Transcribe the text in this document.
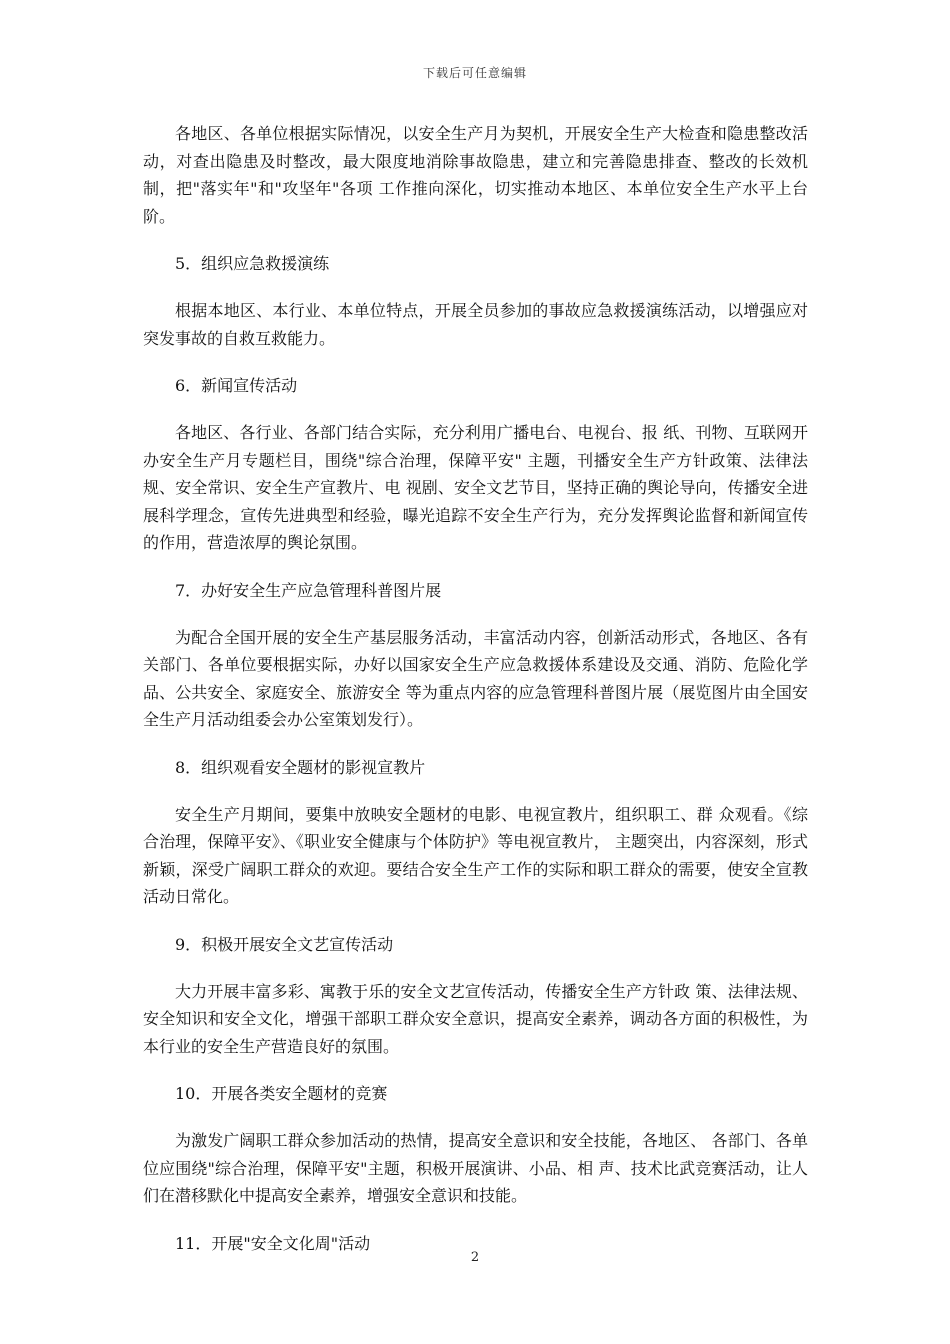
下载后可任意编辑

各地区、各单位根据实际情况，以安全生产月为契机，开展安全生产大检查和隐患整改活动，对查出隐患及时整改，最大限度地消除事故隐患，建立和完善隐患排查、整改的长效机制，把"落实年"和"攻坚年"各项 工作推向深化，切实推动本地区、本单位安全生产水平上台阶。

5．组织应急救援演练

根据本地区、本行业、本单位特点，开展全员参加的事故应急救援演练活动，以增强应对突发事故的自救互救能力。

6．新闻宣传活动

各地区、各行业、各部门结合实际，充分利用广播电台、电视台、报 纸、刊物、互联网开办安全生产月专题栏目，围绕"综合治理，保障平安" 主题，刊播安全生产方针政策、法律法规、安全常识、安全生产宣教片、电 视剧、安全文艺节目，坚持正确的舆论导向，传播安全进展科学理念，宣传先进典型和经验，曝光追踪不安全生产行为，充分发挥舆论监督和新闻宣传的作用，营造浓厚的舆论氛围。

7．办好安全生产应急管理科普图片展

为配合全国开展的安全生产基层服务活动，丰富活动内容，创新活动形式，各地区、各有关部门、各单位要根据实际，办好以国家安全生产应急救援体系建设及交通、消防、危险化学品、公共安全、家庭安全、旅游安全 等为重点内容的应急管理科普图片展（展览图片由全国安全生产月活动组委会办公室策划发行）。

8．组织观看安全题材的影视宣教片

安全生产月期间，要集中放映安全题材的电影、电视宣教片，组织职工、群 众观看。《综合治理，保障平安》、《职业安全健康与个体防护》等电视宣教片， 主题突出，内容深刻，形式新颖，深受广阔职工群众的欢迎。要结合安全生产工作的实际和职工群众的需要，使安全宣教活动日常化。

9．积极开展安全文艺宣传活动

大力开展丰富多彩、寓教于乐的安全文艺宣传活动，传播安全生产方针政 策、法律法规、安全知识和安全文化，增强干部职工群众安全意识，提高安全素养，调动各方面的积极性，为本行业的安全生产营造良好的氛围。

10．开展各类安全题材的竞赛

为激发广阔职工群众参加活动的热情，提高安全意识和安全技能，各地区、 各部门、各单位应围绕"综合治理，保障平安"主题，积极开展演讲、小品、相 声、技术比武竞赛活动，让人们在潜移默化中提高安全素养，增强安全意识和技能。

11．开展"安全文化周"活动

2
